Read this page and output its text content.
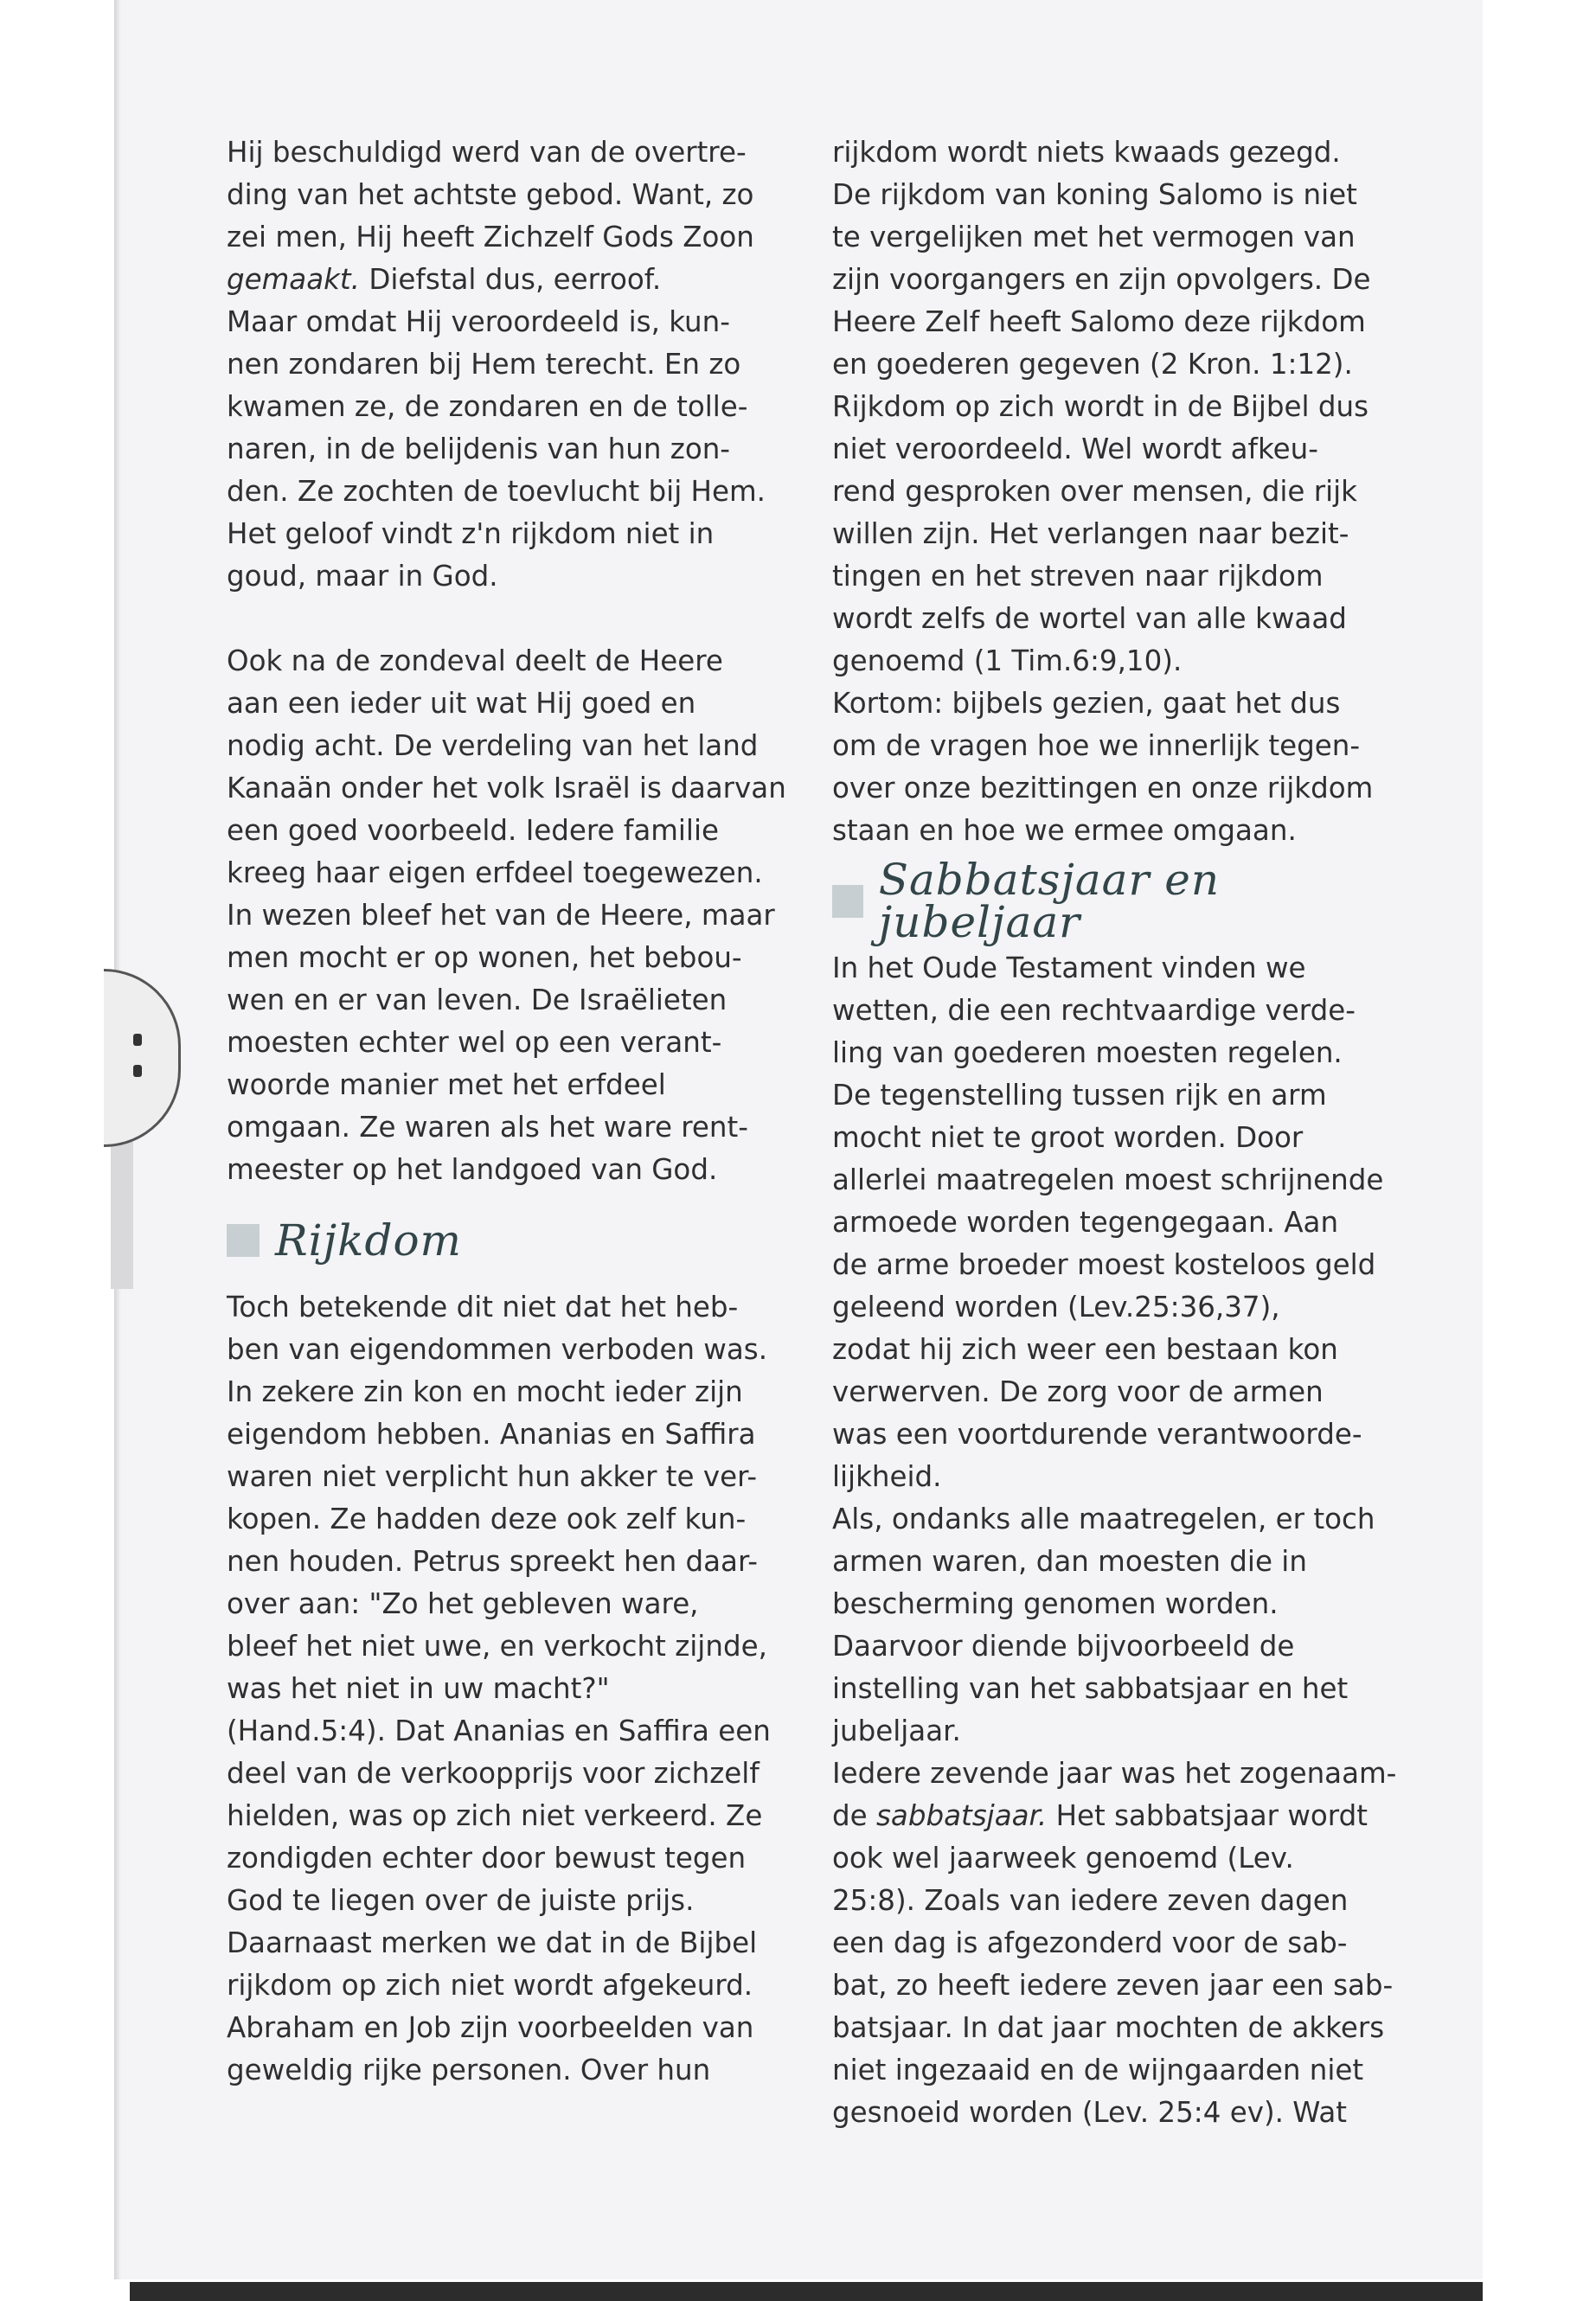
Hij beschuldigd werd van de overtre-

ding van het achtste gebod. Want, zo

zei men, Hij heeft Zichzelf Gods Zoon

gemaakt. Diefstal dus, eerroof.

Maar omdat Hij veroordeeld is, kun-

nen zondaren bij Hem terecht. En zo

kwamen ze, de zondaren en de tolle-

naren, in de belijdenis van hun zon-

den. Ze zochten de toevlucht bij Hem.

Het geloof vindt z'n rijkdom niet in

goud, maar in God.

Ook na de zondeval deelt de Heere

aan een ieder uit wat Hij goed en

nodig acht. De verdeling van het land

Kanaän onder het volk Israël is daarvan

een goed voorbeeld. Iedere familie

kreeg haar eigen erfdeel toegewezen.

In wezen bleef het van de Heere, maar

men mocht er op wonen, het bebou-

wen en er van leven. De Israëlieten

moesten echter wel op een verant-

woorde manier met het erfdeel

omgaan. Ze waren als het ware rent-

meester op het landgoed van God.

Rijkdom

Toch betekende dit niet dat het heb-

ben van eigendommen verboden was.

In zekere zin kon en mocht ieder zijn

eigendom hebben. Ananias en Saffira

waren niet verplicht hun akker te ver-

kopen. Ze hadden deze ook zelf kun-

nen houden. Petrus spreekt hen daar-

over aan: "Zo het gebleven ware,

bleef het niet uwe, en verkocht zijnde,

was het niet in uw macht?"

(Hand.5:4). Dat Ananias en Saffira een

deel van de verkoopprijs voor zichzelf

hielden, was op zich niet verkeerd. Ze

zondigden echter door bewust tegen

God te liegen over de juiste prijs.

Daarnaast merken we dat in de Bijbel

rijkdom op zich niet wordt afgekeurd.

Abraham en Job zijn voorbeelden van

geweldig rijke personen. Over hun

rijkdom wordt niets kwaads gezegd.

De rijkdom van koning Salomo is niet

te vergelijken met het vermogen van

zijn voorgangers en zijn opvolgers. De

Heere Zelf heeft Salomo deze rijkdom

en goederen gegeven (2 Kron. 1:12).

Rijkdom op zich wordt in de Bijbel dus

niet veroordeeld. Wel wordt afkeu-

rend gesproken over mensen, die rijk

willen zijn. Het verlangen naar bezit-

tingen en het streven naar rijkdom

wordt zelfs de wortel van alle kwaad

genoemd (1 Tim.6:9,10).

Kortom: bijbels gezien, gaat het dus

om de vragen hoe we innerlijk tegen-

over onze bezittingen en onze rijkdom

staan en hoe we ermee omgaan.

Sabbatsjaar en jubeljaar

In het Oude Testament vinden we

wetten, die een rechtvaardige verde-

ling van goederen moesten regelen.

De tegenstelling tussen rijk en arm

mocht niet te groot worden. Door

allerlei maatregelen moest schrijnende

armoede worden tegengegaan. Aan

de arme broeder moest kosteloos geld

geleend worden (Lev.25:36,37),

zodat hij zich weer een bestaan kon

verwerven. De zorg voor de armen

was een voortdurende verantwoorde-

lijkheid.

Als, ondanks alle maatregelen, er toch

armen waren, dan moesten die in

bescherming genomen worden.

Daarvoor diende bijvoorbeeld de

instelling van het sabbatsjaar en het

jubeljaar.

Iedere zevende jaar was het zogenaam-

de sabbatsjaar. Het sabbatsjaar wordt

ook wel jaarweek genoemd (Lev.

25:8). Zoals van iedere zeven dagen

een dag is afgezonderd voor de sab-

bat, zo heeft iedere zeven jaar een sab-

batsjaar. In dat jaar mochten de akkers

niet ingezaaid en de wijngaarden niet

gesnoeid worden (Lev. 25:4 ev). Wat
